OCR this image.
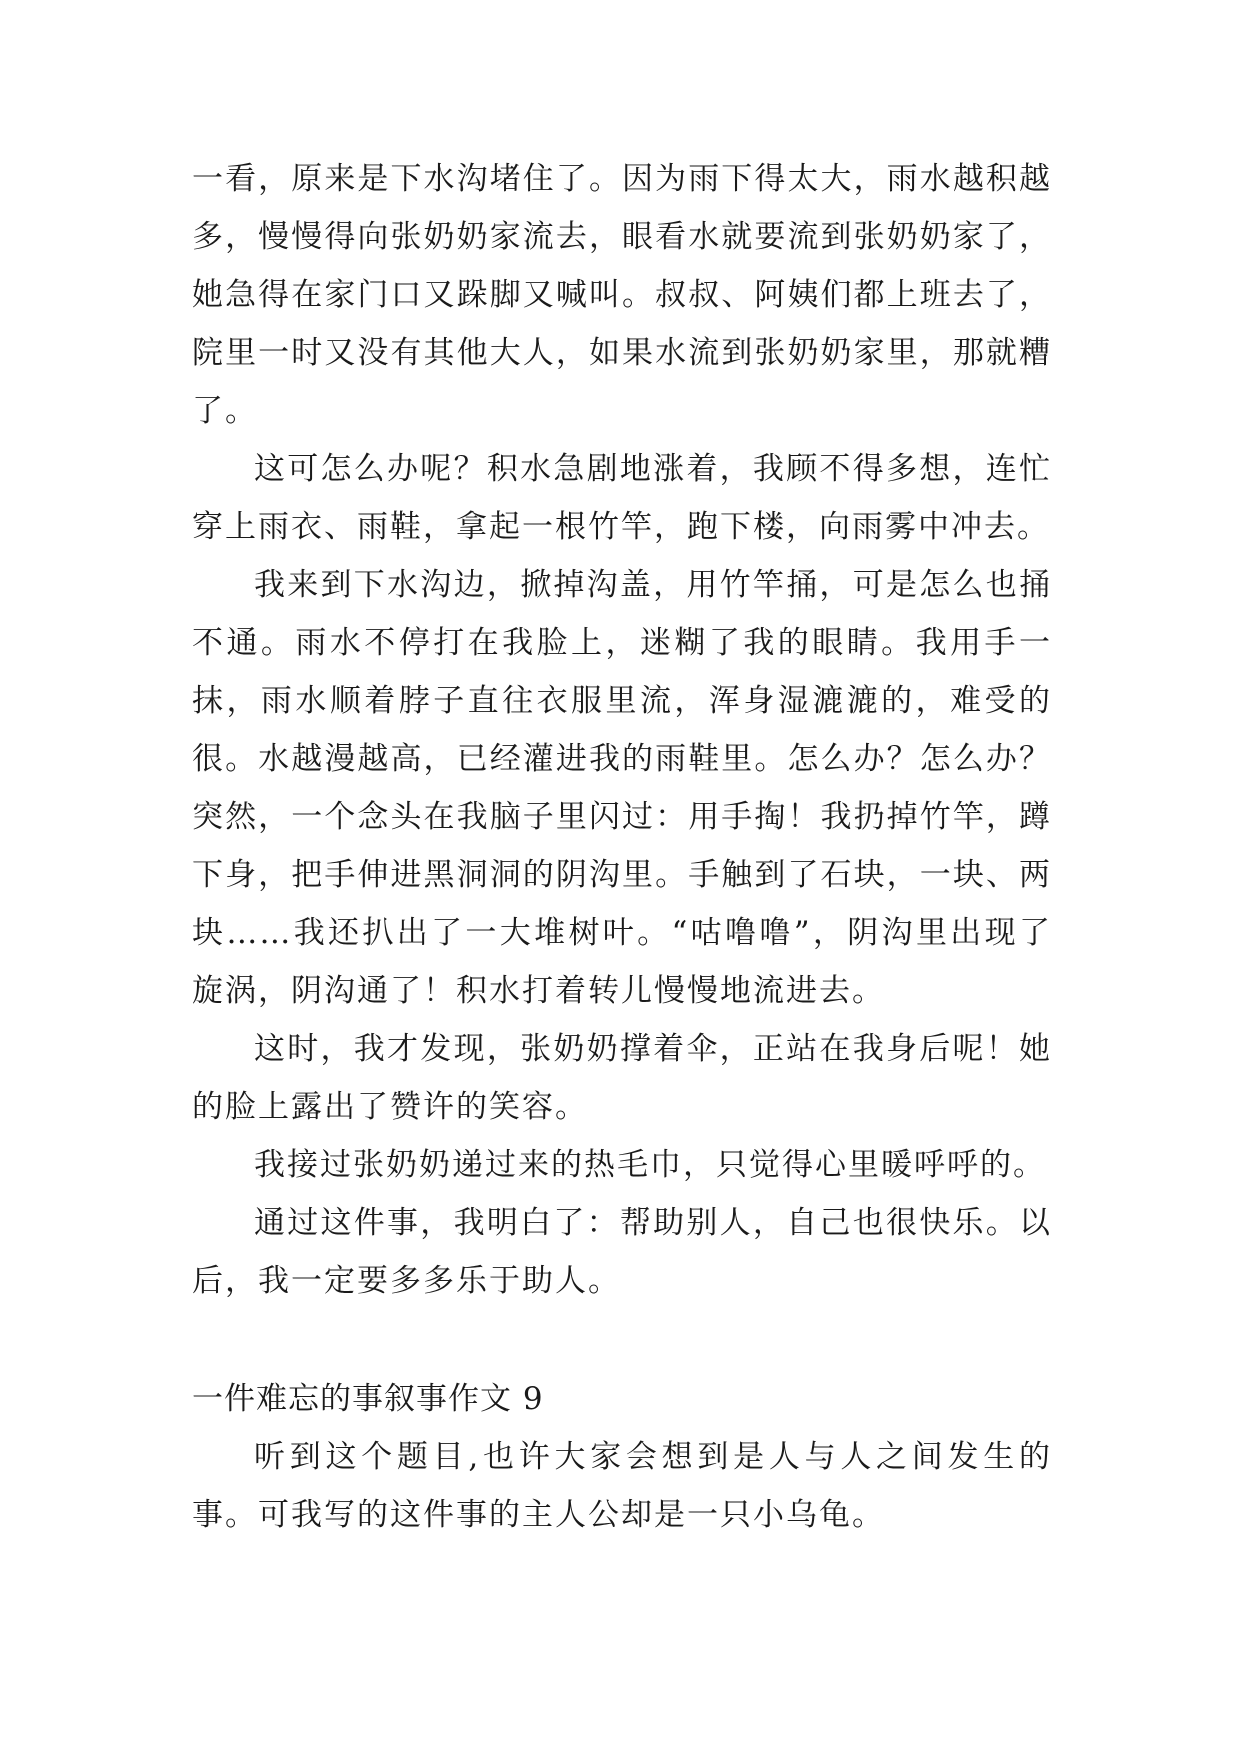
一看，原来是下水沟堵住了。因为雨下得太大，雨水越积越多，慢慢得向张奶奶家流去，眼看水就要流到张奶奶家了，她急得在家门口又跺脚又喊叫。叔叔、阿姨们都上班去了，院里一时又没有其他大人，如果水流到张奶奶家里，那就糟了。

这可怎么办呢？积水急剧地涨着，我顾不得多想，连忙穿上雨衣、雨鞋，拿起一根竹竿，跑下楼，向雨雾中冲去。

我来到下水沟边，掀掉沟盖，用竹竿捅，可是怎么也捅不通。雨水不停打在我脸上，迷糊了我的眼睛。我用手一抹，雨水顺着脖子直往衣服里流，浑身湿漉漉的，难受的很。水越漫越高，已经灌进我的雨鞋里。怎么办？怎么办？突然，一个念头在我脑子里闪过：用手掏！我扔掉竹竿，蹲下身，把手伸进黑洞洞的阴沟里。手触到了石块，一块、两块……我还扒出了一大堆树叶。“咕噜噜”，阴沟里出现了旋涡，阴沟通了！积水打着转儿慢慢地流进去。

这时，我才发现，张奶奶撑着伞，正站在我身后呢！她的脸上露出了赞许的笑容。

我接过张奶奶递过来的热毛巾，只觉得心里暖呼呼的。

通过这件事，我明白了：帮助别人，自己也很快乐。以后，我一定要多多乐于助人。

一件难忘的事叙事作文 9

听到这个题目,也许大家会想到是人与人之间发生的事。可我写的这件事的主人公却是一只小乌龟。
